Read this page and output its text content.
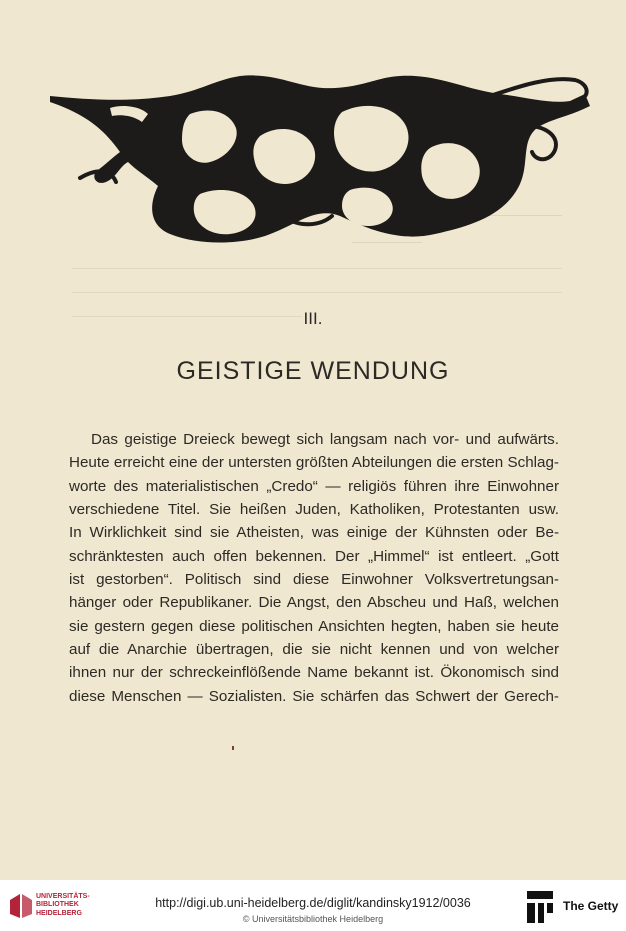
III.
GEISTIGE WENDUNG
Das geistige Dreieck bewegt sich langsam nach vor- und aufwärts.
Heute erreicht eine der untersten größten Abteilungen die ersten Schlag-
worte des materialistischen „Credo“ — religiös führen ihre Einwohner
verschiedene Titel. Sie heißen Juden, Katholiken, Protestanten usw.
In Wirklichkeit sind sie Atheisten, was einige der Kühnsten oder Be-
schränktesten auch offen bekennen. Der „Himmel“ ist entleert. „Gott
ist gestorben“. Politisch sind diese Einwohner Volksvertretungsan-
hänger oder Republikaner. Die Angst, den Abscheu und Haß, welchen
sie gestern gegen diese politischen Ansichten hegten, haben sie heute
auf die Anarchie übertragen, die sie nicht kennen und von welcher
ihnen nur der schreckeinflößende Name bekannt ist. Ökonomisch sind
diese Menschen — Sozialisten. Sie schärfen das Schwert der Gerech-
UNIVERSITÄTS-
BIBLIOTHEK
HEIDELBERG
http://digi.ub.uni-heidelberg.de/diglit/kandinsky1912/0036
© Universitätsbibliothek Heidelberg
The Getty
